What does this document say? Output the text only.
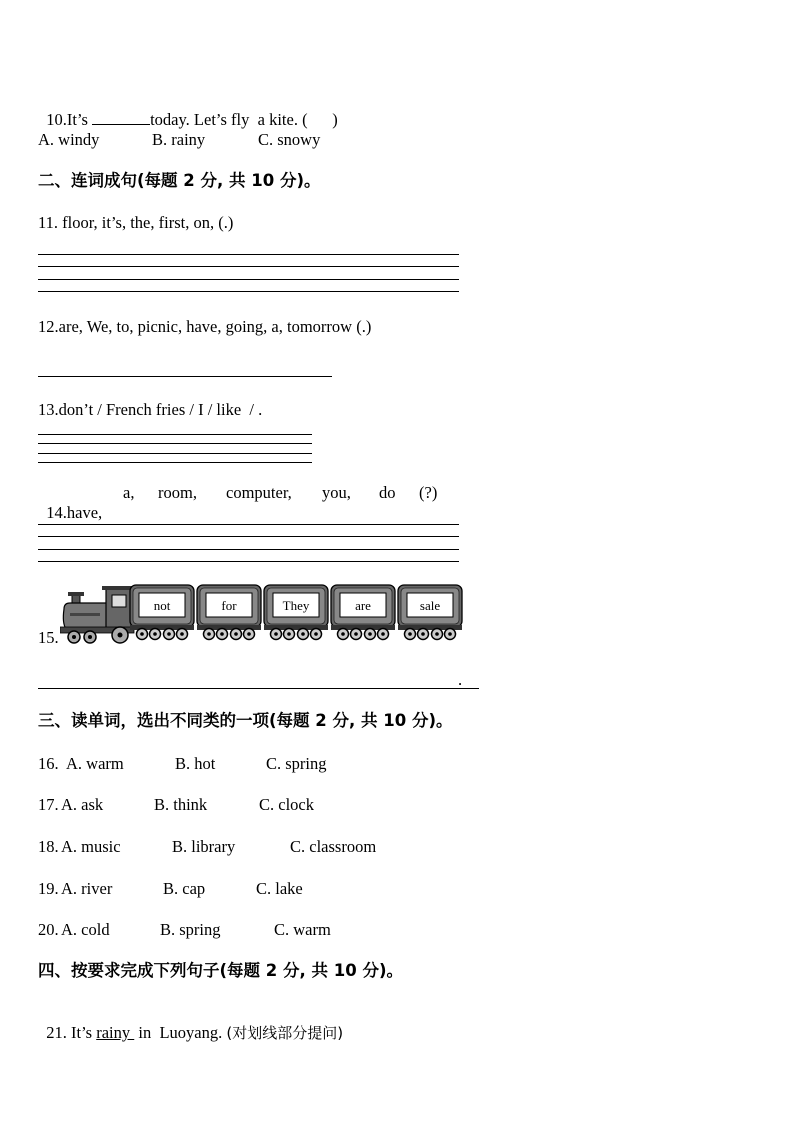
10.It’s	today. Let’s fly  a kite. (      )

A. windy	B. rainy	C. snowy
二、连词成句(每题 2 分, 共 10 分)。
11. floor, it’s, the, first, on, (.)
12.are, We, to, picnic, have, going, a, tomorrow (.)
13.don’t / French fries / I / like  / .

14.have,

a, room, computer, you, do (?)
15.
not	for	They	are	sale
.
三、读单词，选出不同类的一项(每题 2 分, 共 10 分)。
16. A. warm	B. hot	C. spring
17. A. ask	B. think	C. clock
18. A. music	B. library	C. classroom
19. A. river	B. cap	C. lake
20. A. cold	B. spring	C. warm
四、按要求完成下列句子(每题 2 分, 共 10 分)。

21. It’s rainy  in  Luoyang. (对划线部分提问)
